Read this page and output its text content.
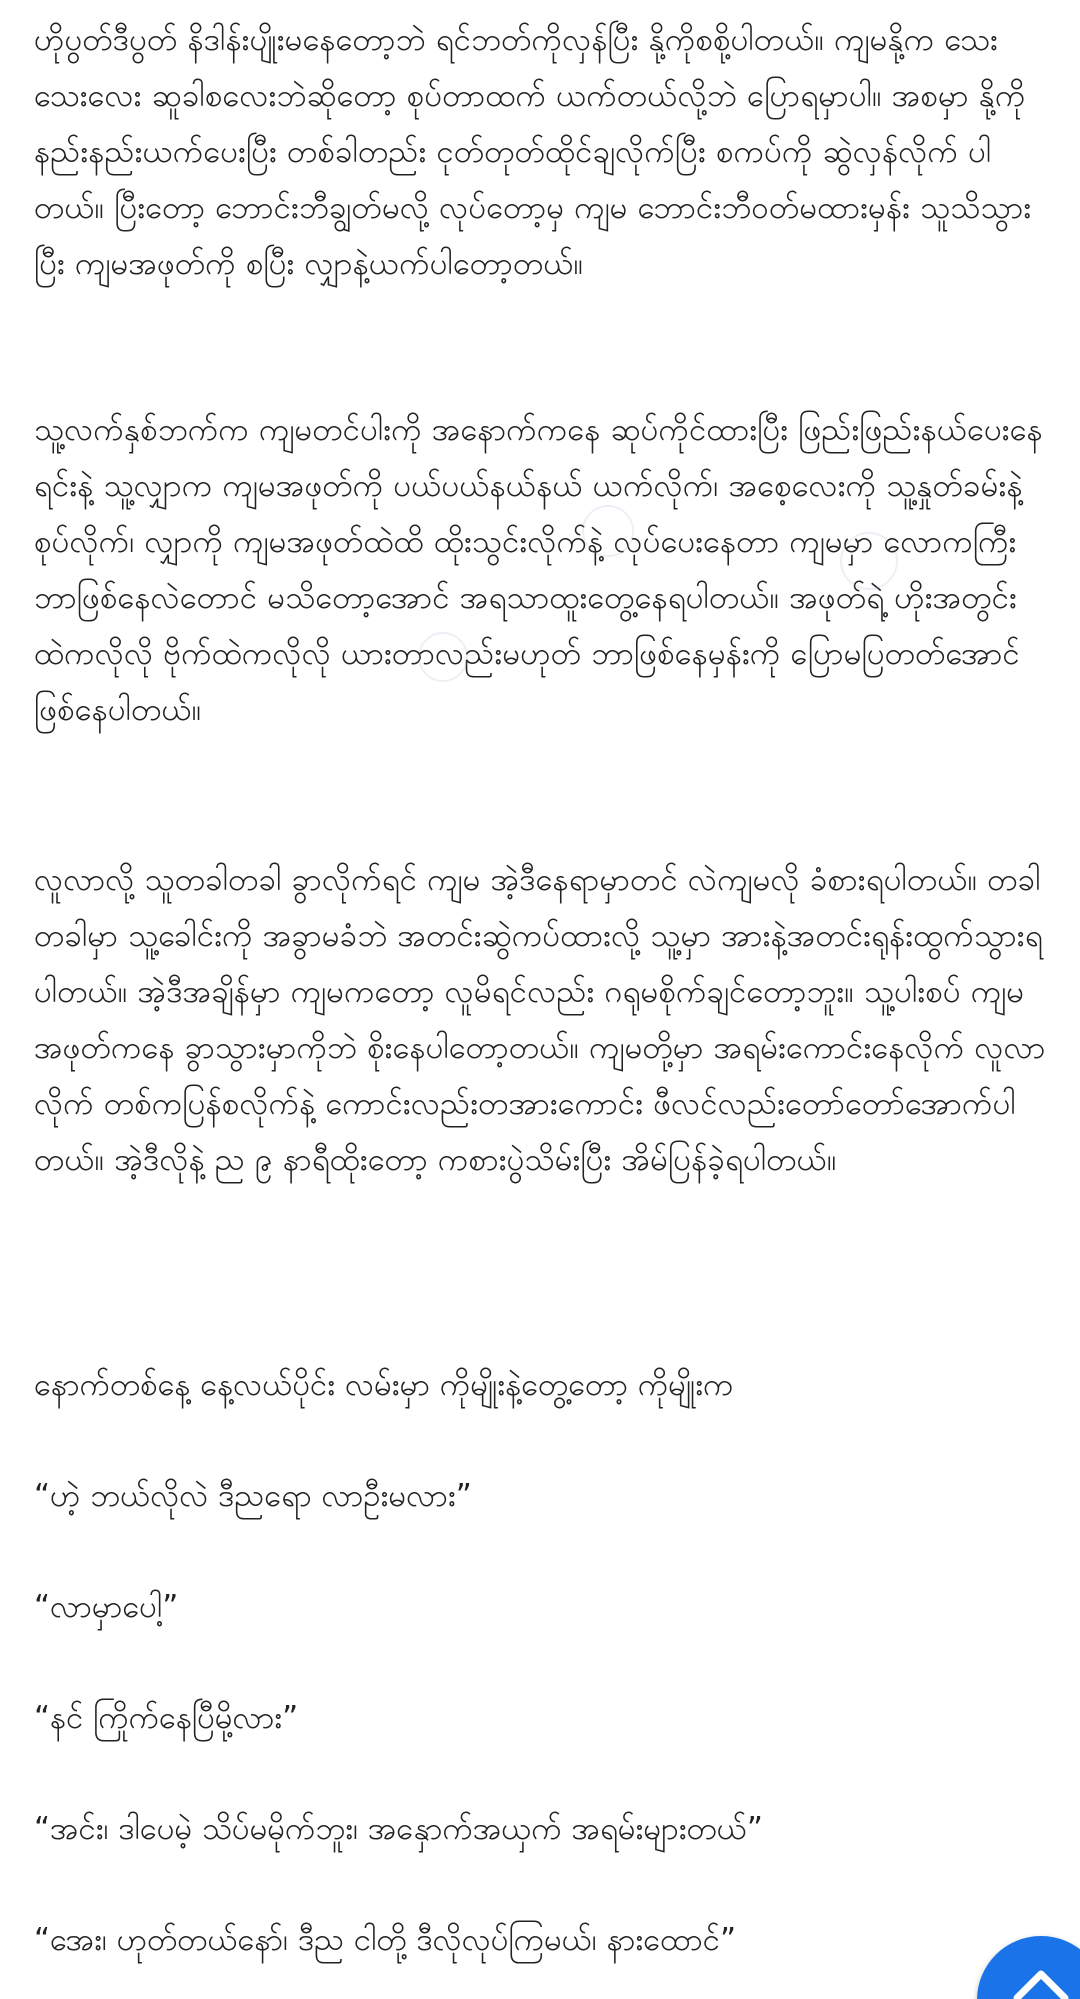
ဟိုပွတ်ဒီပွတ် နိဒါန်းပျိုးမနေတော့ဘဲ ရင်ဘတ်ကိုလှန်ပြီး နို့ကိုစစို့ပါတယ်။ ကျမနို့က သေးသေးလေး ဆူခါစလေးဘဲဆိုတော့ စုပ်တာထက် ယက်တယ်လို့ဘဲ ပြောရမှာပါ။ အစမှာ နို့ကို နည်းနည်းယက်ပေးပြီး တစ်ခါတည်း ငုတ်တုတ်ထိုင်ချလိုက်ပြီး စကပ်ကို ဆွဲလှန်လိုက် ပါတယ်။ ပြီးတော့ ဘောင်းဘီချွတ်မလို့ လုပ်တော့မှ ကျမ ဘောင်းဘီဝတ်မထားမှန်း သူသိသွားပြီး ကျမအဖုတ်ကို စပြီး လျှာနဲ့ယက်ပါတော့တယ်။

သူ့လက်နှစ်ဘက်က ကျမတင်ပါးကို အနောက်ကနေ ဆုပ်ကိုင်ထားပြီး ဖြည်းဖြည်းနယ်ပေးနေရင်းနဲ့ သူ့လျှာက ကျမအဖုတ်ကို ပယ်ပယ်နယ်နယ် ယက်လိုက်၊ အစေ့လေးကို သူ့နှုတ်ခမ်းနဲ့ စုပ်လိုက်၊ လျှာကို ကျမအဖုတ်ထဲထိ ထိုးသွင်းလိုက်နဲ့ လုပ်ပေးနေတာ ကျမမှာ လောကကြီး ဘာဖြစ်နေလဲတောင် မသိတော့အောင် အရသာထူးတွေ့နေရပါတယ်။ အဖုတ်ရဲ့ ဟိုးအတွင်းထဲကလိုလို ဗိုက်ထဲကလိုလို ယားတာလည်းမဟုတ် ဘာဖြစ်နေမှန်းကို ပြောမပြတတ်အောင် ဖြစ်နေပါတယ်။

လူလာလို့ သူတခါတခါ ခွာလိုက်ရင် ကျမ အဲ့ဒီနေရာမှာတင် လဲကျမလို ခံစားရပါတယ်။ တခါတခါမှာ သူ့ခေါင်းကို အခွာမခံဘဲ အတင်းဆွဲကပ်ထားလို့ သူ့မှာ အားနဲ့အတင်းရုန်းထွက်သွားရပါတယ်။ အဲ့ဒီအချိန်မှာ ကျမကတော့ လူမိရင်လည်း ဂရုမစိုက်ချင်တော့ဘူး။ သူ့ပါးစပ် ကျမအဖုတ်ကနေ ခွာသွားမှာကိုဘဲ စိုးနေပါတော့တယ်။ ကျမတို့မှာ အရမ်းကောင်းနေလိုက် လူလာလိုက် တစ်ကပြန်စလိုက်နဲ့ ကောင်းလည်းတအားကောင်း ဖီလင်လည်းတော်တော်အောက်ပါတယ်။ အဲ့ဒီလိုနဲ့ ည ၉ နာရီထိုးတော့ ကစားပွဲသိမ်းပြီး အိမ်ပြန်ခဲ့ရပါတယ်။

နောက်တစ်နေ့ နေ့လယ်ပိုင်း လမ်းမှာ ကိုမျိုးနဲ့တွေ့တော့ ကိုမျိုးက

“ဟဲ့ ဘယ်လိုလဲ ဒီညရော လာဦးမလား”

“လာမှာပေါ့”

“နင် ကြိုက်နေပြီမို့လား”

“အင်း၊ ဒါပေမဲ့ သိပ်မမိုက်ဘူး၊ အနှောက်အယှက် အရမ်းများတယ်”

“အေး၊ ဟုတ်တယ်နော်၊ ဒီည ငါတို့ ဒီလိုလုပ်ကြမယ်၊ နားထောင်”
